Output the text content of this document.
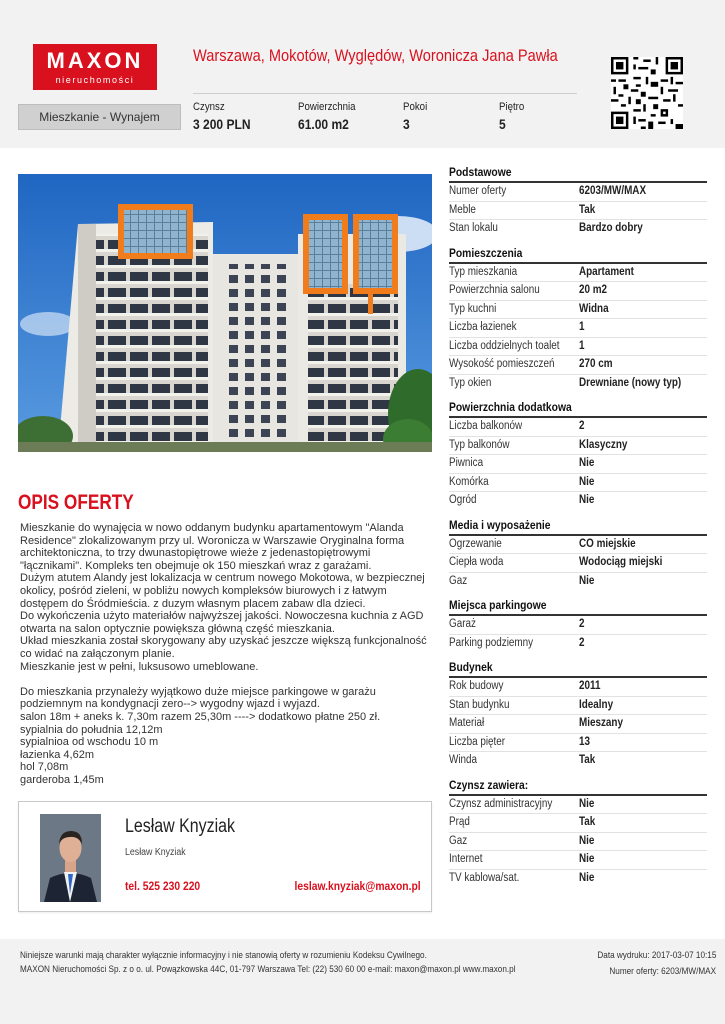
MAXON
nieruchomości
Warszawa, Mokotów, Wyględów, Woronicza Jana Pawła
Mieszkanie - Wynajem
Czynsz
3 200 PLN
Powierzchnia
61.00 m2
Pokoi
3
Piętro
5
OPIS OFERTY
Mieszkanie do wynajęcia w nowo oddanym budynku apartamentowym "Alanda Residence" zlokalizowanym przy ul. Woronicza w Warszawie Oryginalna forma architektoniczna, to trzy dwunastopiętrowe wieże z jedenastopiętrowymi "łącznikami". Kompleks ten obejmuje ok 150 mieszkań wraz z garażami.
Dużym atutem Alandy jest lokalizacja w centrum nowego Mokotowa, w bezpiecznej okolicy, pośród zieleni, w pobliżu nowych kompleksów biurowych i z łatwym dostępem do Śródmieścia. z duzym własnym placem zabaw dla dzieci.
Do wykończenia użyto materiałów najwyższej jakości. Nowoczesna kuchnia z AGD otwarta na salon optycznie powiększa główną część mieszkania.
Układ mieszkania został skorygowany aby uzyskać jeszcze większą funkcjonalność co widać na załączonym planie.
Mieszkanie jest w pełni, luksusowo umeblowane.

Do mieszkania przynależy wyjątkowo duże miejsce parkingowe w garażu podziemnym na kondygnacji zero--> wygodny wjazd i wyjazd.
salon 18m + aneks k. 7,30m razem 25,30m ----> dodatkowo płatne 250 zł.
sypialnia do południa 12,12m
sypialnioa od wschodu 10 m
łazienka 4,62m
hol 7,08m
garderoba 1,45m
Lesław Knyziak
Lesław Knyziak
tel. 525 230 220	leslaw.knyziak@maxon.pl
Podstawowe
Numer oferty	6203/MW/MAX
Meble	Tak
Stan lokalu	Bardzo dobry
Pomieszczenia
Typ mieszkania	Apartament
Powierzchnia salonu	20 m2
Typ kuchni	Widna
Liczba łazienek	1
Liczba oddzielnych toalet 1
Wysokość pomieszczeń 270 cm
Typ okien	Drewniane (nowy typ)
Powierzchnia dodatkowa
Liczba balkonów	2
Typ balkonów	Klasyczny
Piwnica	Nie
Komórka	Nie
Ogród	Nie
Media i wyposażenie
Ogrzewanie	CO miejskie
Ciepła woda	Wodociąg miejski
Gaz	Nie
Miejsca parkingowe
Garaż	2
Parking podziemny	2
Budynek
Rok budowy	2011
Stan budynku	Idealny
Materiał	Mieszany
Liczba pięter	13
Winda	Tak
Czynsz zawiera:
Czynsz administracyjny Nie
Prąd	Tak
Gaz	Nie
Internet	Nie
TV kablowa/sat.	Nie
Niniejsze warunki mają charakter wyłącznie informacyjny i nie stanowią oferty w rozumieniu Kodeksu Cywilnego.
MAXON Nieruchomości Sp. z o o. ul. Powązkowska 44C, 01-797 Warszawa Tel: (22) 530 60 00 e-mail: maxon@maxon.pl www.maxon.pl
Data wydruku: 2017-03-07 10:15
Numer oferty: 6203/MW/MAX
